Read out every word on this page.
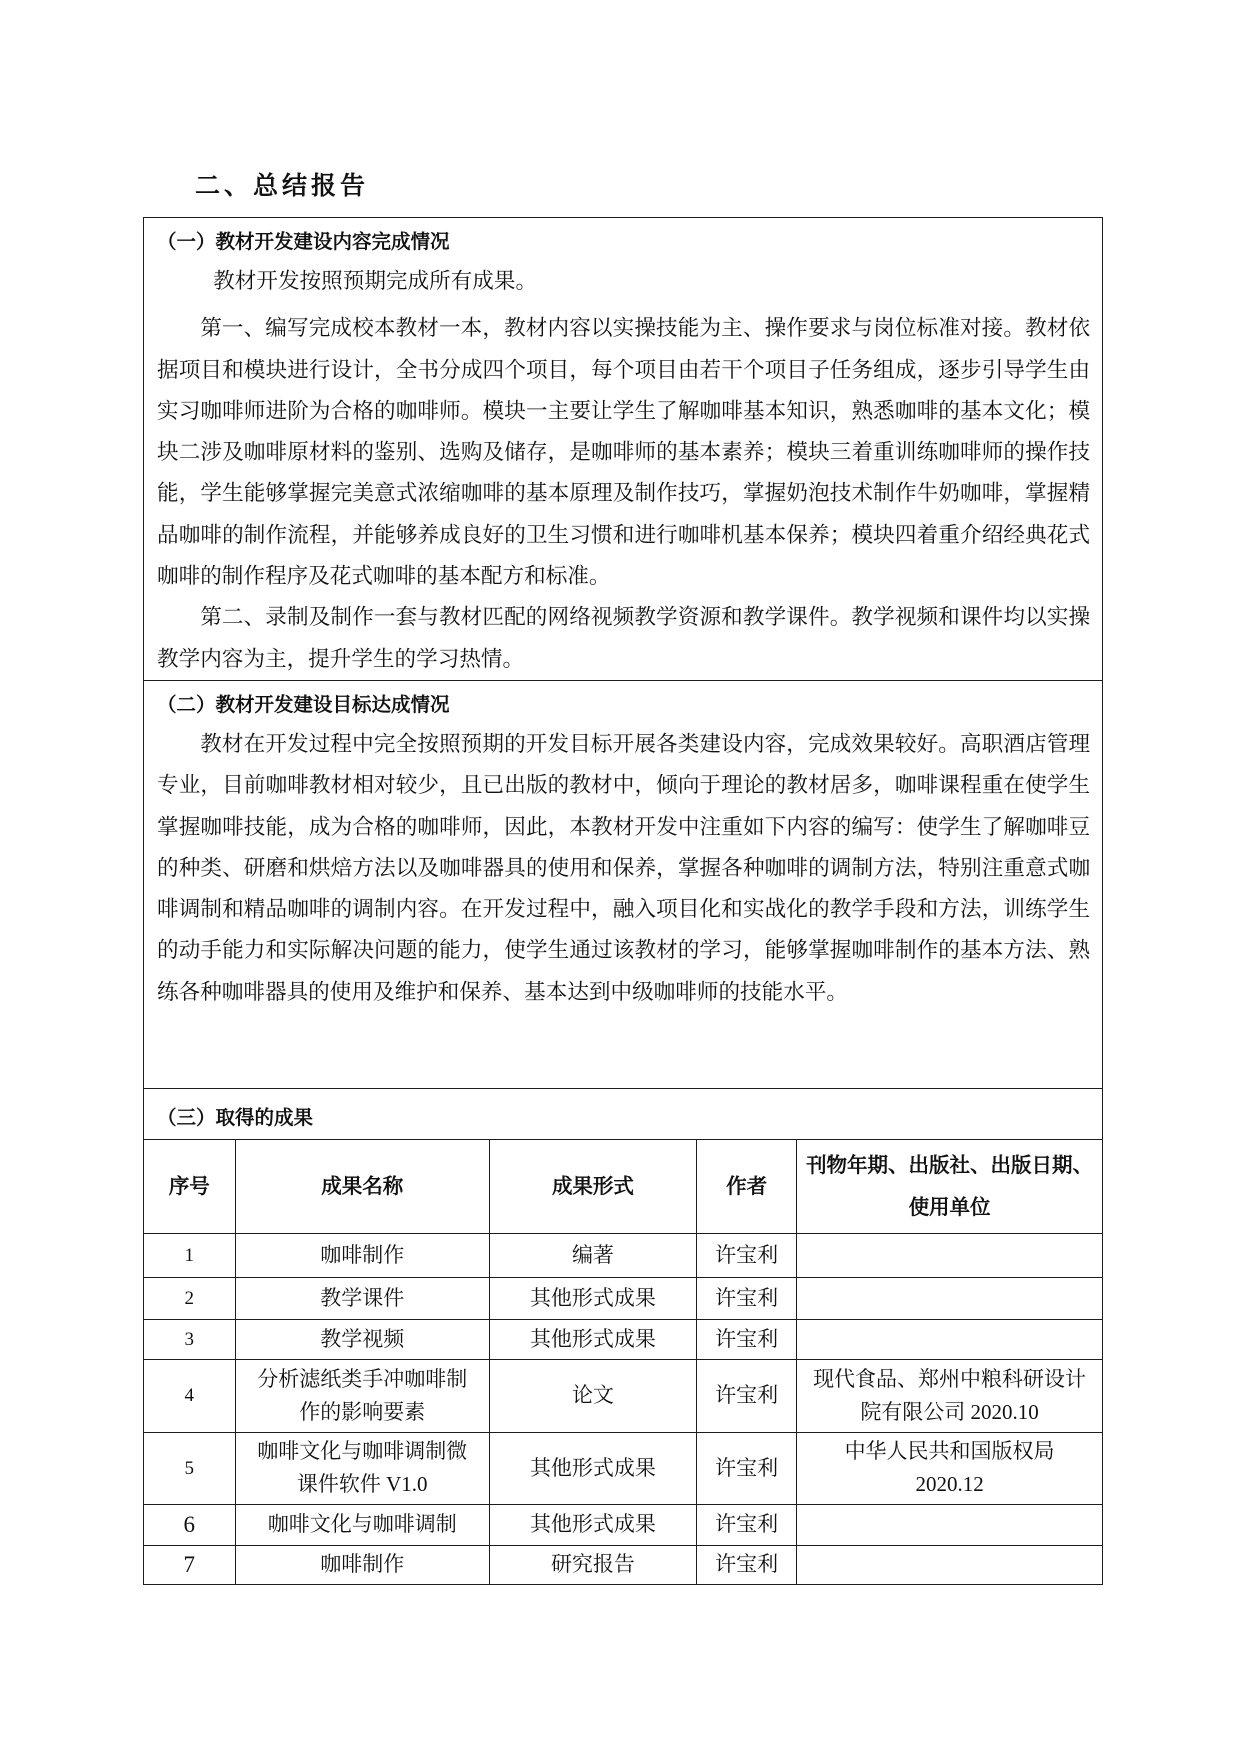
二、总结报告

（一）教材开发建设内容完成情况

教材开发按照预期完成所有成果。

第一、编写完成校本教材一本，教材内容以实操技能为主、操作要求与岗位标准对接。教材依据项目和模块进行设计，全书分成四个项目，每个项目由若干个项目子任务组成，逐步引导学生由实习咖啡师进阶为合格的咖啡师。模块一主要让学生了解咖啡基本知识，熟悉咖啡的基本文化；模块二涉及咖啡原材料的鉴别、选购及储存，是咖啡师的基本素养；模块三着重训练咖啡师的操作技能，学生能够掌握完美意式浓缩咖啡的基本原理及制作技巧，掌握奶泡技术制作牛奶咖啡，掌握精品咖啡的制作流程，并能够养成良好的卫生习惯和进行咖啡机基本保养；模块四着重介绍经典花式咖啡的制作程序及花式咖啡的基本配方和标准。

第二、录制及制作一套与教材匹配的网络视频教学资源和教学课件。教学视频和课件均以实操教学内容为主，提升学生的学习热情。

（二）教材开发建设目标达成情况

教材在开发过程中完全按照预期的开发目标开展各类建设内容，完成效果较好。高职酒店管理专业，目前咖啡教材相对较少，且已出版的教材中，倾向于理论的教材居多，咖啡课程重在使学生掌握咖啡技能，成为合格的咖啡师，因此，本教材开发中注重如下内容的编写：使学生了解咖啡豆的种类、研磨和烘焙方法以及咖啡器具的使用和保养，掌握各种咖啡的调制方法，特别注重意式咖啡调制和精品咖啡的调制内容。在开发过程中，融入项目化和实战化的教学手段和方法，训练学生的动手能力和实际解决问题的能力，使学生通过该教材的学习，能够掌握咖啡制作的基本方法、熟练各种咖啡器具的使用及维护和保养、基本达到中级咖啡师的技能水平。

（三）取得的成果

序号	成果名称	成果形式	作者	刊物年期、出版社、出版日期、使用单位
1	咖啡制作	编著	许宝利	
2	教学课件	其他形式成果	许宝利	
3	教学视频	其他形式成果	许宝利	
4	分析滤纸类手冲咖啡制作的影响要素	论文	许宝利	现代食品、郑州中粮科研设计院有限公司 2020.10
5	咖啡文化与咖啡调制微课件软件 V1.0	其他形式成果	许宝利	中华人民共和国版权局 2020.12
6	咖啡文化与咖啡调制	其他形式成果	许宝利	
7	咖啡制作	研究报告	许宝利	
